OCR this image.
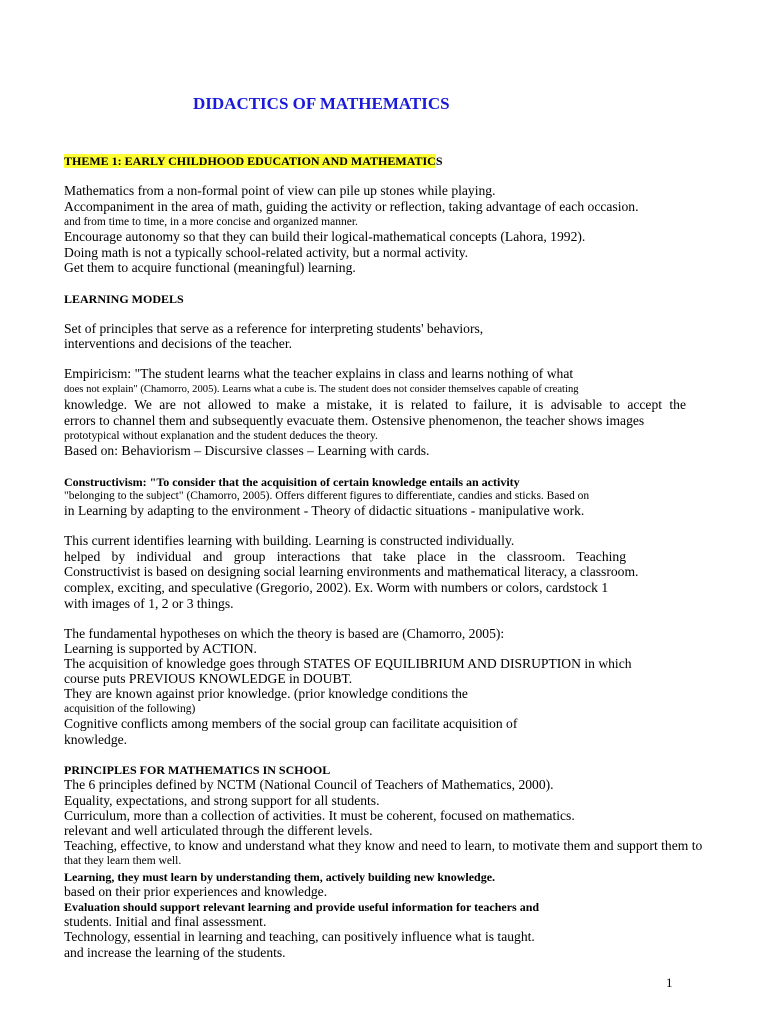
DIDACTICS OF MATHEMATICS
THEME 1: EARLY CHILDHOOD EDUCATION AND MATHEMATICS
Mathematics from a non-formal point of view can pile up stones while playing.
Accompaniment in the area of math, guiding the activity or reflection, taking advantage of each occasion.
and from time to time, in a more concise and organized manner.
Encourage autonomy so that they can build their logical-mathematical concepts (Lahora, 1992).
Doing math is not a typically school-related activity, but a normal activity.
Get them to acquire functional (meaningful) learning.
LEARNING MODELS
Set of principles that serve as a reference for interpreting students' behaviors,
interventions and decisions of the teacher.
Empiricism: "The student learns what the teacher explains in class and learns nothing of what
does not explain" (Chamorro, 2005). Learns what a cube is. The student does not consider themselves capable of creating
knowledge. We are not allowed to make a mistake, it is related to failure, it is advisable to accept the
errors to channel them and subsequently evacuate them. Ostensive phenomenon, the teacher shows images
prototypical without explanation and the student deduces the theory.
Based on: Behaviorism – Discursive classes – Learning with cards.
Constructivism: "To consider that the acquisition of certain knowledge entails an activity
"belonging to the subject" (Chamorro, 2005). Offers different figures to differentiate, candies and sticks. Based on
in Learning by adapting to the environment - Theory of didactic situations - manipulative work.
This current identifies learning with building. Learning is constructed individually.
helped by individual and group interactions that take place in the classroom. Teaching
Constructivist is based on designing social learning environments and mathematical literacy, a classroom.
complex, exciting, and speculative (Gregorio, 2002). Ex. Worm with numbers or colors, cardstock 1
with images of 1, 2 or 3 things.
The fundamental hypotheses on which the theory is based are (Chamorro, 2005):
Learning is supported by ACTION.
The acquisition of knowledge goes through STATES OF EQUILIBRIUM AND DISRUPTION in which
course puts PREVIOUS KNOWLEDGE in DOUBT.
They are known against prior knowledge. (prior knowledge conditions the
acquisition of the following)
Cognitive conflicts among members of the social group can facilitate acquisition of
knowledge.
PRINCIPLES FOR MATHEMATICS IN SCHOOL
The 6 principles defined by NCTM (National Council of Teachers of Mathematics, 2000).
Equality, expectations, and strong support for all students.
Curriculum, more than a collection of activities. It must be coherent, focused on mathematics.
relevant and well articulated through the different levels.
Teaching, effective, to know and understand what they know and need to learn, to motivate them and support them to
that they learn them well.
Learning, they must learn by understanding them, actively building new knowledge.
based on their prior experiences and knowledge.
Evaluation should support relevant learning and provide useful information for teachers and
students. Initial and final assessment.
Technology, essential in learning and teaching, can positively influence what is taught.
and increase the learning of the students.
1
